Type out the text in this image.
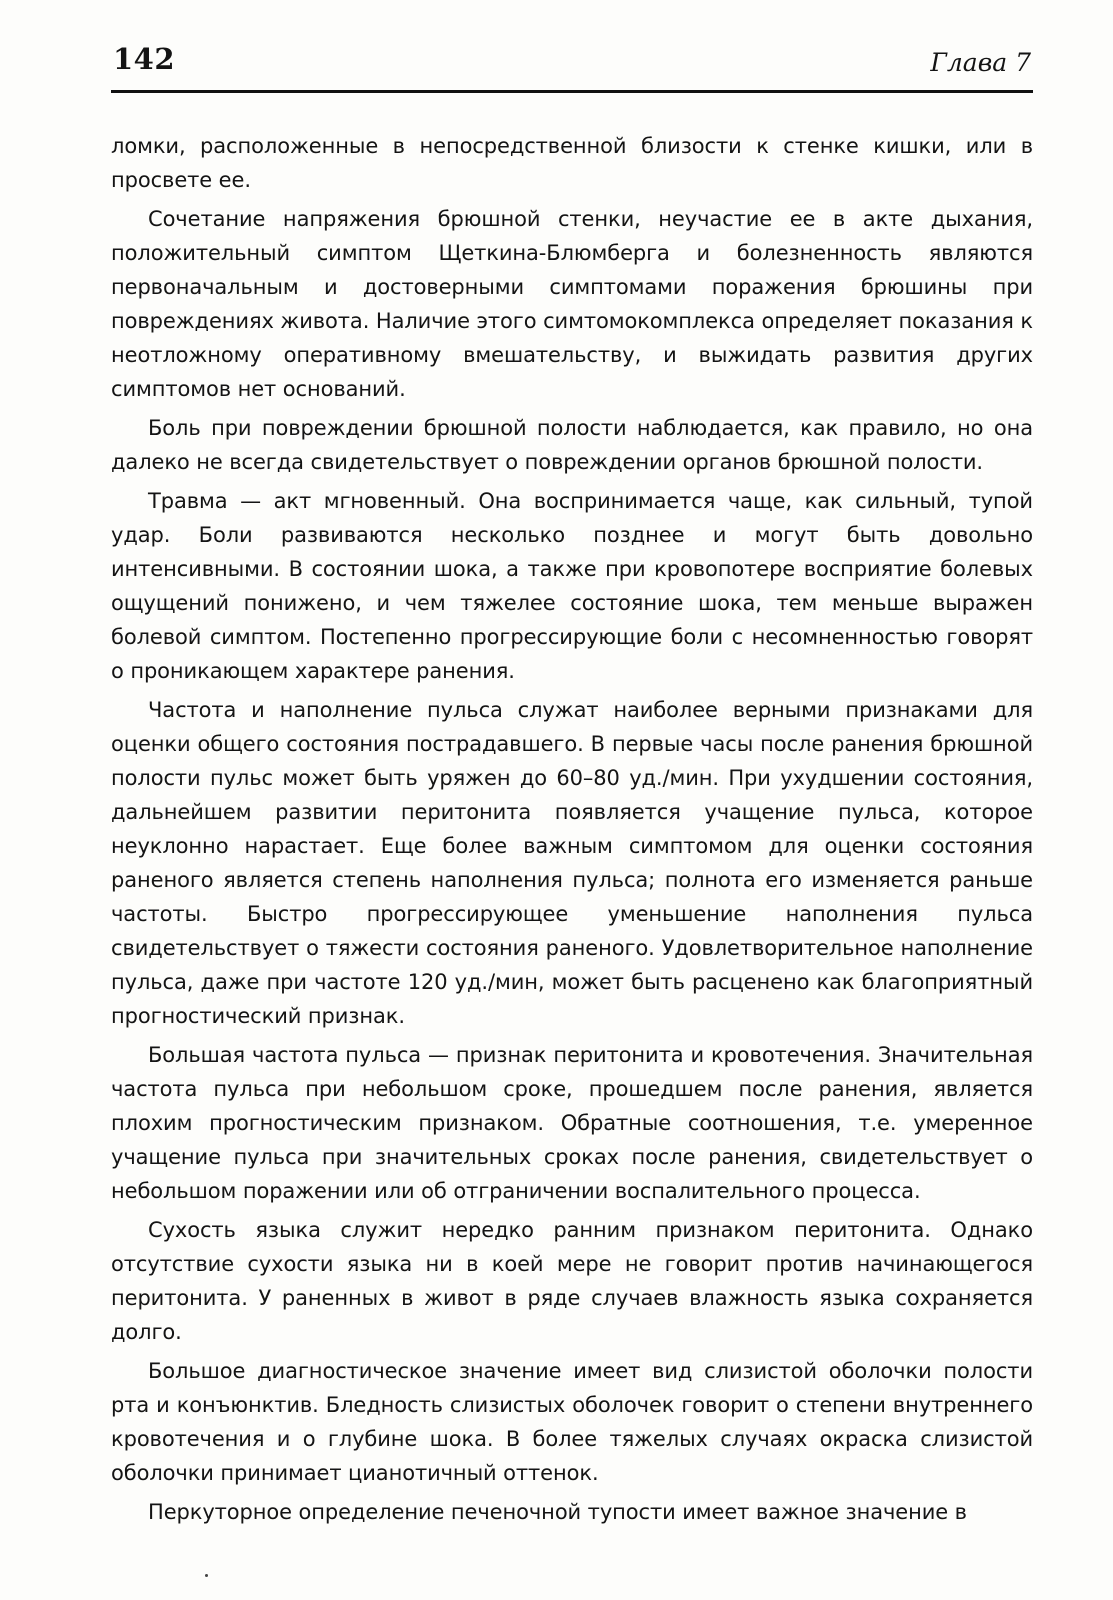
142	Глава 7

ломки, расположенные в непосредственной близости к стенке кишки, или в просвете ее.

Сочетание напряжения брюшной стенки, неучастие ее в акте дыхания, положительный симптом Щеткина-Блюмберга и болезненность являются первоначальным и достоверными симптомами поражения брюшины при повреждениях живота. Наличие этого симтомокомплекса определяет показания к неотложному оперативному вмешательству, и выжидать развития других симптомов нет оснований.

Боль при повреждении брюшной полости наблюдается, как правило, но она далеко не всегда свидетельствует о повреждении органов брюшной полости.

Травма — акт мгновенный. Она воспринимается чаще, как сильный, тупой удар. Боли развиваются несколько позднее и могут быть довольно интенсивными. В состоянии шока, а также при кровопотере восприятие болевых ощущений понижено, и чем тяжелее состояние шока, тем меньше выражен болевой симптом. Постепенно прогрессирующие боли с несомненностью говорят о проникающем характере ранения.

Частота и наполнение пульса служат наиболее верными признаками для оценки общего состояния пострадавшего. В первые часы после ранения брюшной полости пульс может быть уряжен до 60–80 уд./мин. При ухудшении состояния, дальнейшем развитии перитонита появляется учащение пульса, которое неуклонно нарастает. Еще более важным симптомом для оценки состояния раненого является степень наполнения пульса; полнота его изменяется раньше частоты. Быстро прогрессирующее уменьшение наполнения пульса свидетельствует о тяжести состояния раненого. Удовлетворительное наполнение пульса, даже при частоте 120 уд./мин, может быть расценено как благоприятный прогностический признак.

Большая частота пульса — признак перитонита и кровотечения. Значительная частота пульса при небольшом сроке, прошедшем после ранения, является плохим прогностическим признаком. Обратные соотношения, т.е. умеренное учащение пульса при значительных сроках после ранения, свидетельствует о небольшом поражении или об отграничении воспалительного процесса.

Сухость языка служит нередко ранним признаком перитонита. Однако отсутствие сухости языка ни в коей мере не говорит против начинающегося перитонита. У раненных в живот в ряде случаев влажность языка сохраняется долго.

Большое диагностическое значение имеет вид слизистой оболочки полости рта и конъюнктив. Бледность слизистых оболочек говорит о степени внутреннего кровотечения и о глубине шока. В более тяжелых случаях окраска слизистой оболочки принимает цианотичный оттенок.

Перкуторное определение печеночной тупости имеет важное значение в
